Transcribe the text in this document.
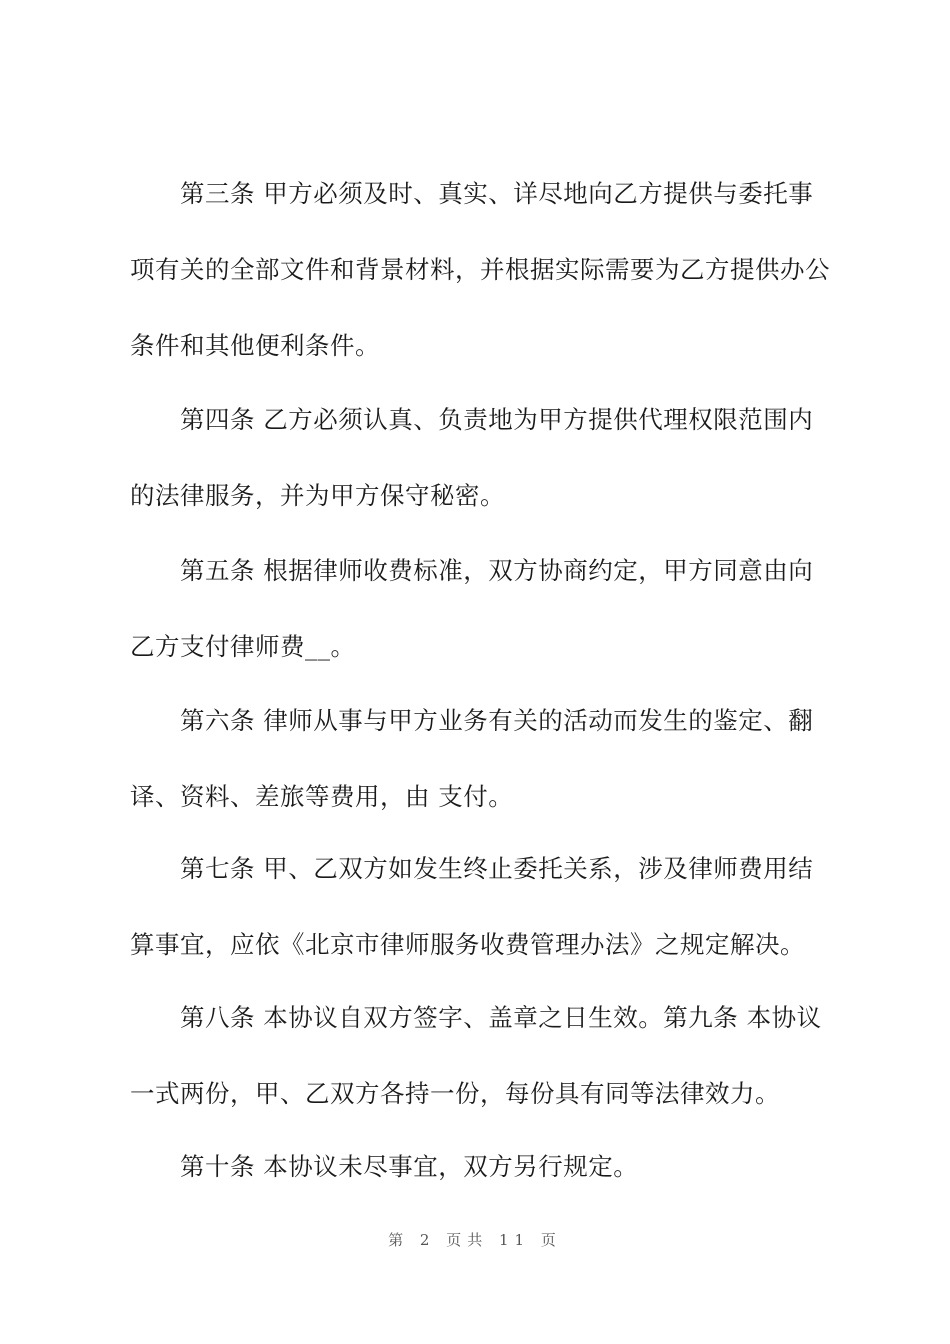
第三条 甲方必须及时、真实、详尽地向乙方提供与委托事
项有关的全部文件和背景材料，并根据实际需要为乙方提供办公
条件和其他便利条件。

第四条 乙方必须认真、负责地为甲方提供代理权限范围内
的法律服务，并为甲方保守秘密。

第五条 根据律师收费标准，双方协商约定，甲方同意由向
乙方支付律师费__。

第六条 律师从事与甲方业务有关的活动而发生的鉴定、翻
译、资料、差旅等费用，由 支付。

第七条 甲、乙双方如发生终止委托关系，涉及律师费用结
算事宜，应依《北京市律师服务收费管理办法》之规定解决。

第八条 本协议自双方签字、盖章之日生效。第九条 本协议
一式两份，甲、乙双方各持一份，每份具有同等法律效力。

第十条 本协议未尽事宜，双方另行规定。

第 2 页共 11 页
